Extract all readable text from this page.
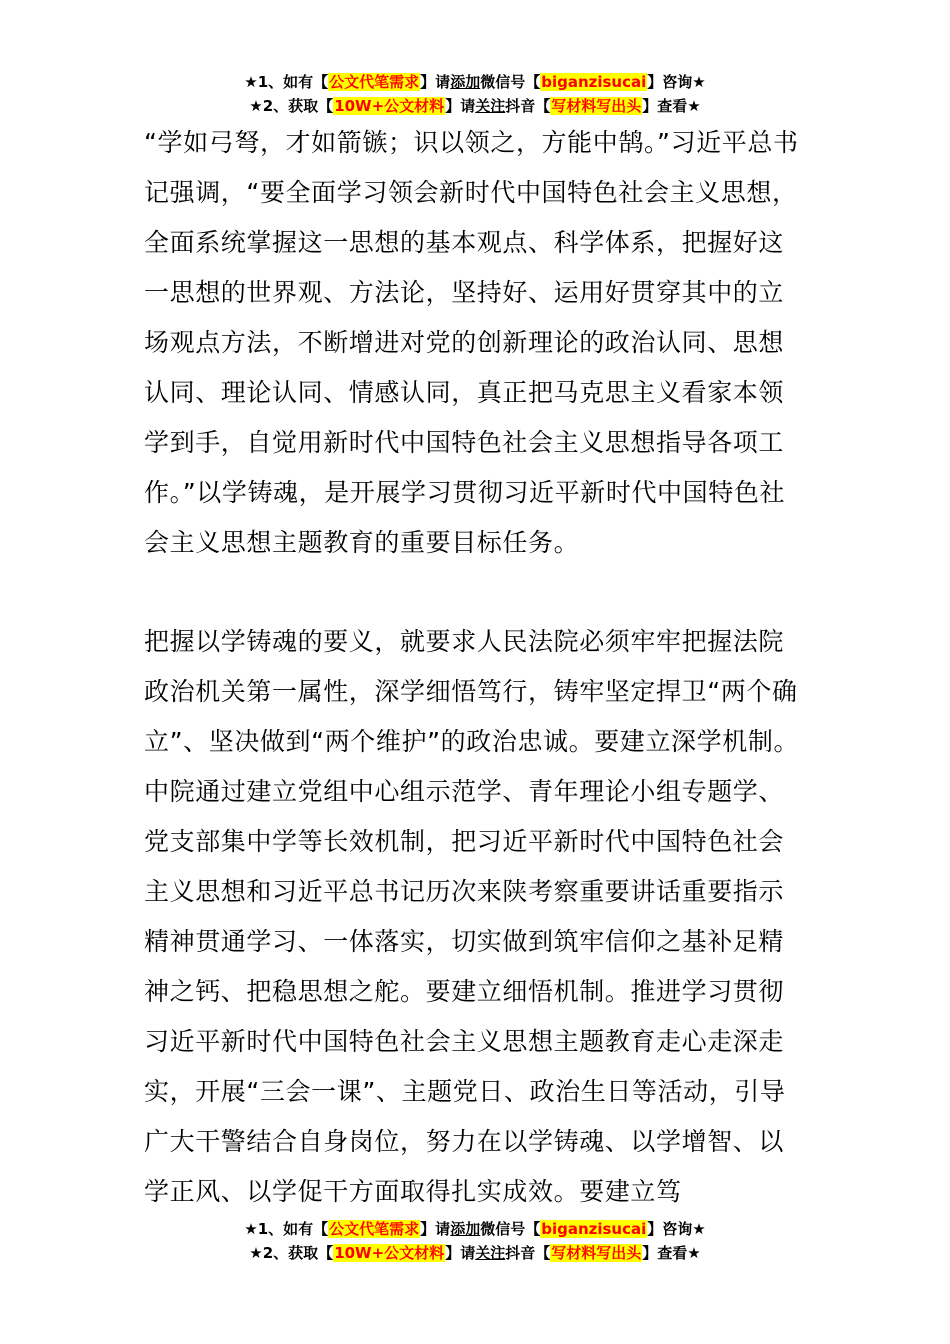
★1、如有【公文代笔需求】请添加微信号【biganzisucai】咨询★
★2、获取【10W+公文材料】请关注抖音【写材料写出头】查看★

“学如弓弩，才如箭镞；识以领之，方能中鹄。”习近平总书记强调，“要全面学习领会新时代中国特色社会主义思想，全面系统掌握这一思想的基本观点、科学体系，把握好这一思想的世界观、方法论，坚持好、运用好贯穿其中的立场观点方法，不断增进对党的创新理论的政治认同、思想认同、理论认同、情感认同，真正把马克思主义看家本领学到手，自觉用新时代中国特色社会主义思想指导各项工作。”以学铸魂，是开展学习贯彻习近平新时代中国特色社会主义思想主题教育的重要目标任务。

把握以学铸魂的要义，就要求人民法院必须牢牢把握法院政治机关第一属性，深学细悟笃行，铸牢坚定捍卫“两个确立”、坚决做到“两个维护”的政治忠诚。要建立深学机制。中院通过建立党组中心组示范学、青年理论小组专题学、党支部集中学等长效机制，把习近平新时代中国特色社会主义思想和习近平总书记历次来陕考察重要讲话重要指示精神贯通学习、一体落实，切实做到筑牢信仰之基补足精神之钙、把稳思想之舵。要建立细悟机制。推进学习贯彻习近平新时代中国特色社会主义思想主题教育走心走深走实，开展“三会一课”、主题党日、政治生日等活动，引导广大干警结合自身岗位，努力在以学铸魂、以学增智、以学正风、以学促干方面取得扎实成效。要建立笃

★1、如有【公文代笔需求】请添加微信号【biganzisucai】咨询★
★2、获取【10W+公文材料】请关注抖音【写材料写出头】查看★
